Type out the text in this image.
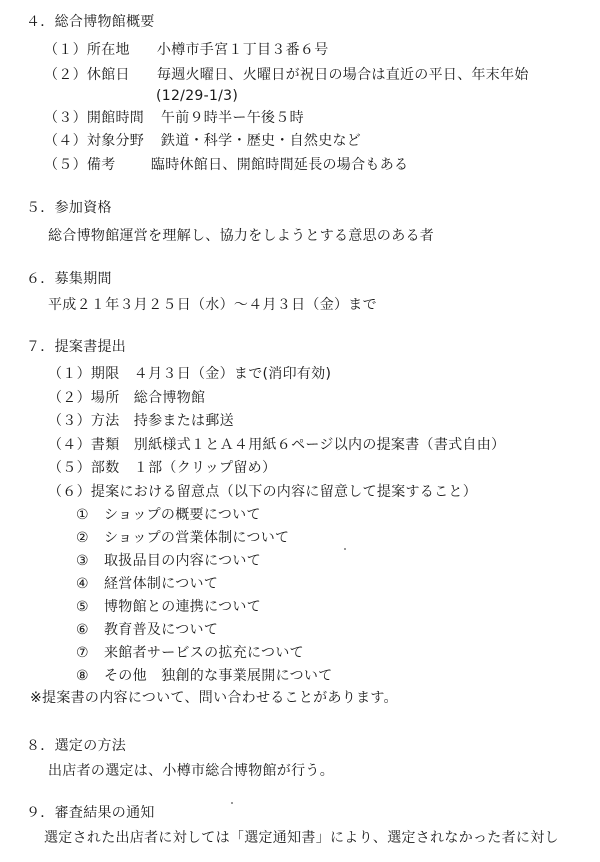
４．総合博物館概要
（１）所在地 小樽市手宮１丁目３番６号
（２）休館日 毎週火曜日、火曜日が祝日の場合は直近の平日、年末年始
(12/29-1/3)
（３）開館時間 午前９時半ー午後５時
（４）対象分野 鉄道・科学・歴史・自然史など
（５）備考	臨時休館日、開館時間延長の場合もある
５．参加資格
総合博物館運営を理解し、協力をしようとする意思のある者
６．募集期間
平成２１年３月２５日（水）～４月３日（金）まで
７．提案書提出
（１）期限　４月３日（金）まで(消印有効)
（２）場所　総合博物館
（３）方法　持参または郵送
（４）書類　別紙様式１とＡ４用紙６ページ以内の提案書（書式自由）
（５）部数　１部（クリップ留め）
（６）提案における留意点（以下の内容に留意して提案すること）
① ショップの概要について
② ショップの営業体制について
③ 取扱品目の内容について
④ 経営体制について
⑤ 博物館との連携について
⑥ 教育普及について
⑦ 来館者サービスの拡充について
⑧ その他　独創的な事業展開について
※提案書の内容について、問い合わせることがあります。
８．選定の方法
出店者の選定は、小樽市総合博物館が行う。
９．審査結果の通知
選定された出店者に対しては「選定通知書」により、選定されなかった者に対し
